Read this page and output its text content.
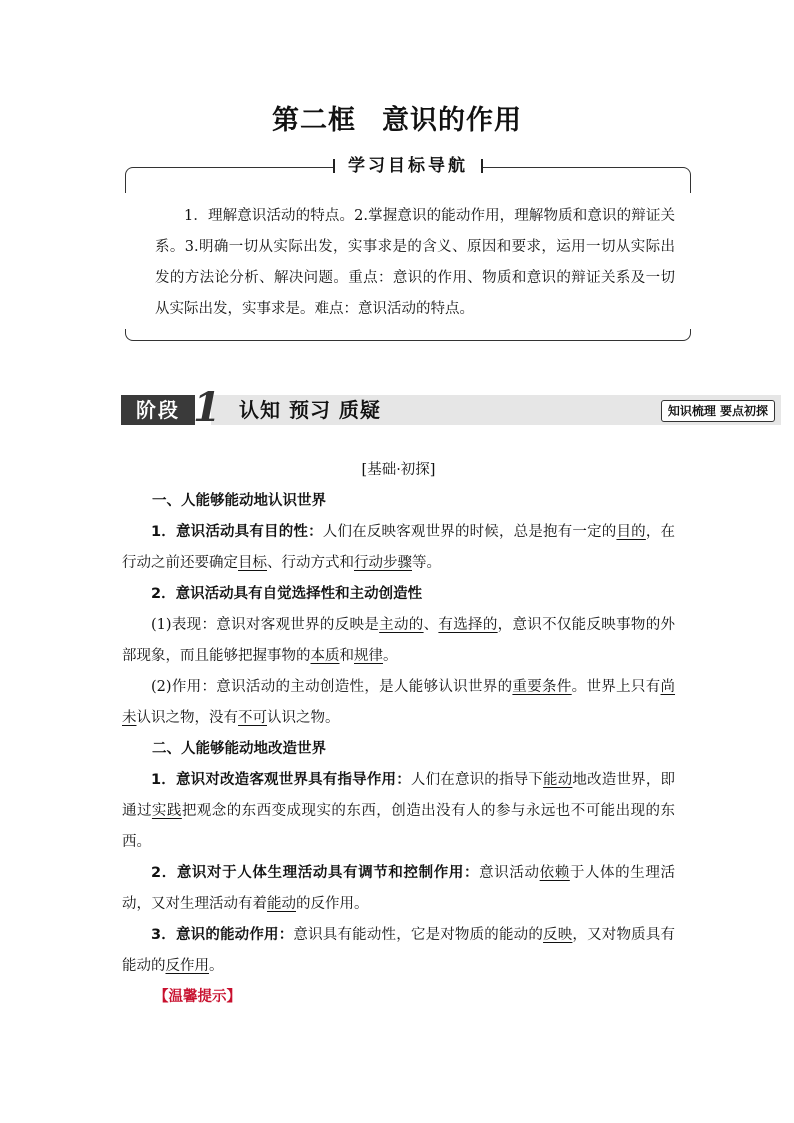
第二框 意识的作用
学习目标导航
1．理解意识活动的特点。2.掌握意识的能动作用，理解物质和意识的辩证关系。3.明确一切从实际出发，实事求是的含义、原因和要求，运用一切从实际出发的方法论分析、解决问题。重点：意识的作用、物质和意识的辩证关系及一切从实际出发，实事求是。难点：意识活动的特点。
阶段 1 认知 预习 质疑	知识梳理 要点初探
[基础·初探]
一、人能够能动地认识世界
1．意识活动具有目的性：人们在反映客观世界的时候，总是抱有一定的目的，在行动之前还要确定目标、行动方式和行动步骤等。
2．意识活动具有自觉选择性和主动创造性
(1)表现：意识对客观世界的反映是主动的、有选择的，意识不仅能反映事物的外部现象，而且能够把握事物的本质和规律。
(2)作用：意识活动的主动创造性，是人能够认识世界的重要条件。世界上只有尚未认识之物，没有不可认识之物。
二、人能够能动地改造世界
1．意识对改造客观世界具有指导作用：人们在意识的指导下能动地改造世界，即通过实践把观念的东西变成现实的东西，创造出没有人的参与永远也不可能出现的东西。
2．意识对于人体生理活动具有调节和控制作用：意识活动依赖于人体的生理活动，又对生理活动有着能动的反作用。
3．意识的能动作用：意识具有能动性，它是对物质的能动的反映，又对物质具有能动的反作用。
【温馨提示】
